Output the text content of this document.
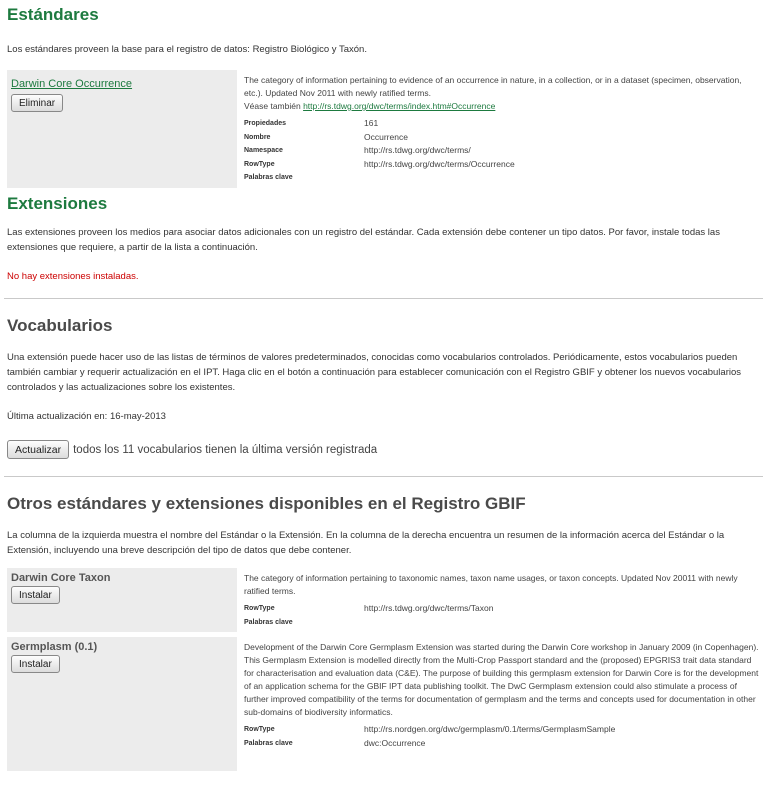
Estándares

Los estándares proveen la base para el registro de datos: Registro Biológico y Taxón.

Darwin Core Occurrence
Eliminar

The category of information pertaining to evidence of an occurrence in nature, in a collection, or in a dataset (specimen, observation, etc.). Updated Nov 2011 with newly ratified terms.
Véase también http://rs.tdwg.org/dwc/terms/index.htm#Occurrence

Propiedades	161
Nombre	Occurrence
Namespace	http://rs.tdwg.org/dwc/terms/
RowType	http://rs.tdwg.org/dwc/terms/Occurrence
Palabras clave
Extensiones

Las extensiones proveen los medios para asociar datos adicionales con un registro del estándar. Cada extensión debe contener un tipo datos. Por favor, instale todas las extensiones que requiere, a partir de la lista a continuación.

No hay extensiones instaladas.

Vocabularios

Una extensión puede hacer uso de las listas de términos de valores predeterminados, conocidas como vocabularios controlados. Periódicamente, estos vocabularios pueden también cambiar y requerir actualización en el IPT. Haga clic en el botón a continuación para establecer comunicación con el Registro GBIF y obtener los nuevos vocabularios controlados y las actualizaciones sobre los existentes.

Última actualización en: 16-may-2013

Actualizar	todos los 11 vocabularios tienen la última versión registrada
Otros estándares y extensiones disponibles en el Registro GBIF

La columna de la izquierda muestra el nombre del Estándar o la Extensión. En la columna de la derecha encuentra un resumen de la información acerca del Estándar o la Extensión, incluyendo una breve descripción del tipo de datos que debe contener.

Darwin Core Taxon
Instalar

The category of information pertaining to taxonomic names, taxon name usages, or taxon concepts. Updated Nov 20011 with newly ratified terms.

RowType	http://rs.tdwg.org/dwc/terms/Taxon
Palabras clave
Germplasm (0.1)
Instalar

Development of the Darwin Core Germplasm Extension was started during the Darwin Core workshop in January 2009 (in Copenhagen). This Germplasm Extension is modelled directly from the Multi-Crop Passport standard and the (proposed) EPGRIS3 trait data standard for characterisation and evaluation data (C&E). The purpose of building this germplasm extension for Darwin Core is for the development of an application schema for the GBIF IPT data publishing toolkit. The DwC Germplasm extension could also stimulate a process of further improved compatibility of the terms for documentation of germplasm and the terms and concepts used for documentation in other sub-domains of biodiversity informatics.

RowType	http://rs.nordgen.org/dwc/germplasm/0.1/terms/GermplasmSample
Palabras clave	dwc:Occurrence
